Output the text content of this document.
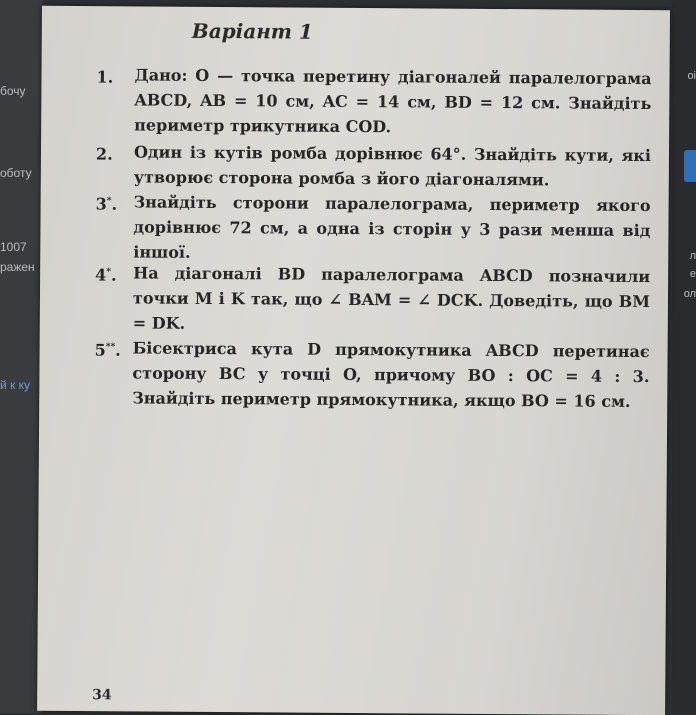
бочу
оботу
1007
ражен
й к ку
оі
л
е
ол
Варіант 1
1. Дано: O — точка перетину діагоналей паралелограма ABCD, AB = 10 см, AC = 14 см, BD = 12 см. Знайдіть периметр трикутника COD.
2. Один із кутів ромба дорівнює 64°. Знайдіть кути, які утворює сторона ромба з його діагоналями.
3*. Знайдіть сторони паралелограма, периметр якого дорівнює 72 см, а одна із сторін у 3 рази менша від іншої.
4*. На діагоналі BD паралелограма ABCD позначили точки M і K так, що ∠ BAM = ∠ DCK. Доведіть, що BM = DK.
5**. Бісектриса кута D прямокутника ABCD перетинає сторону BC у точці O, причому BO : OC = 4 : 3. Знайдіть периметр прямокутника, якщо BO = 16 см.
34
